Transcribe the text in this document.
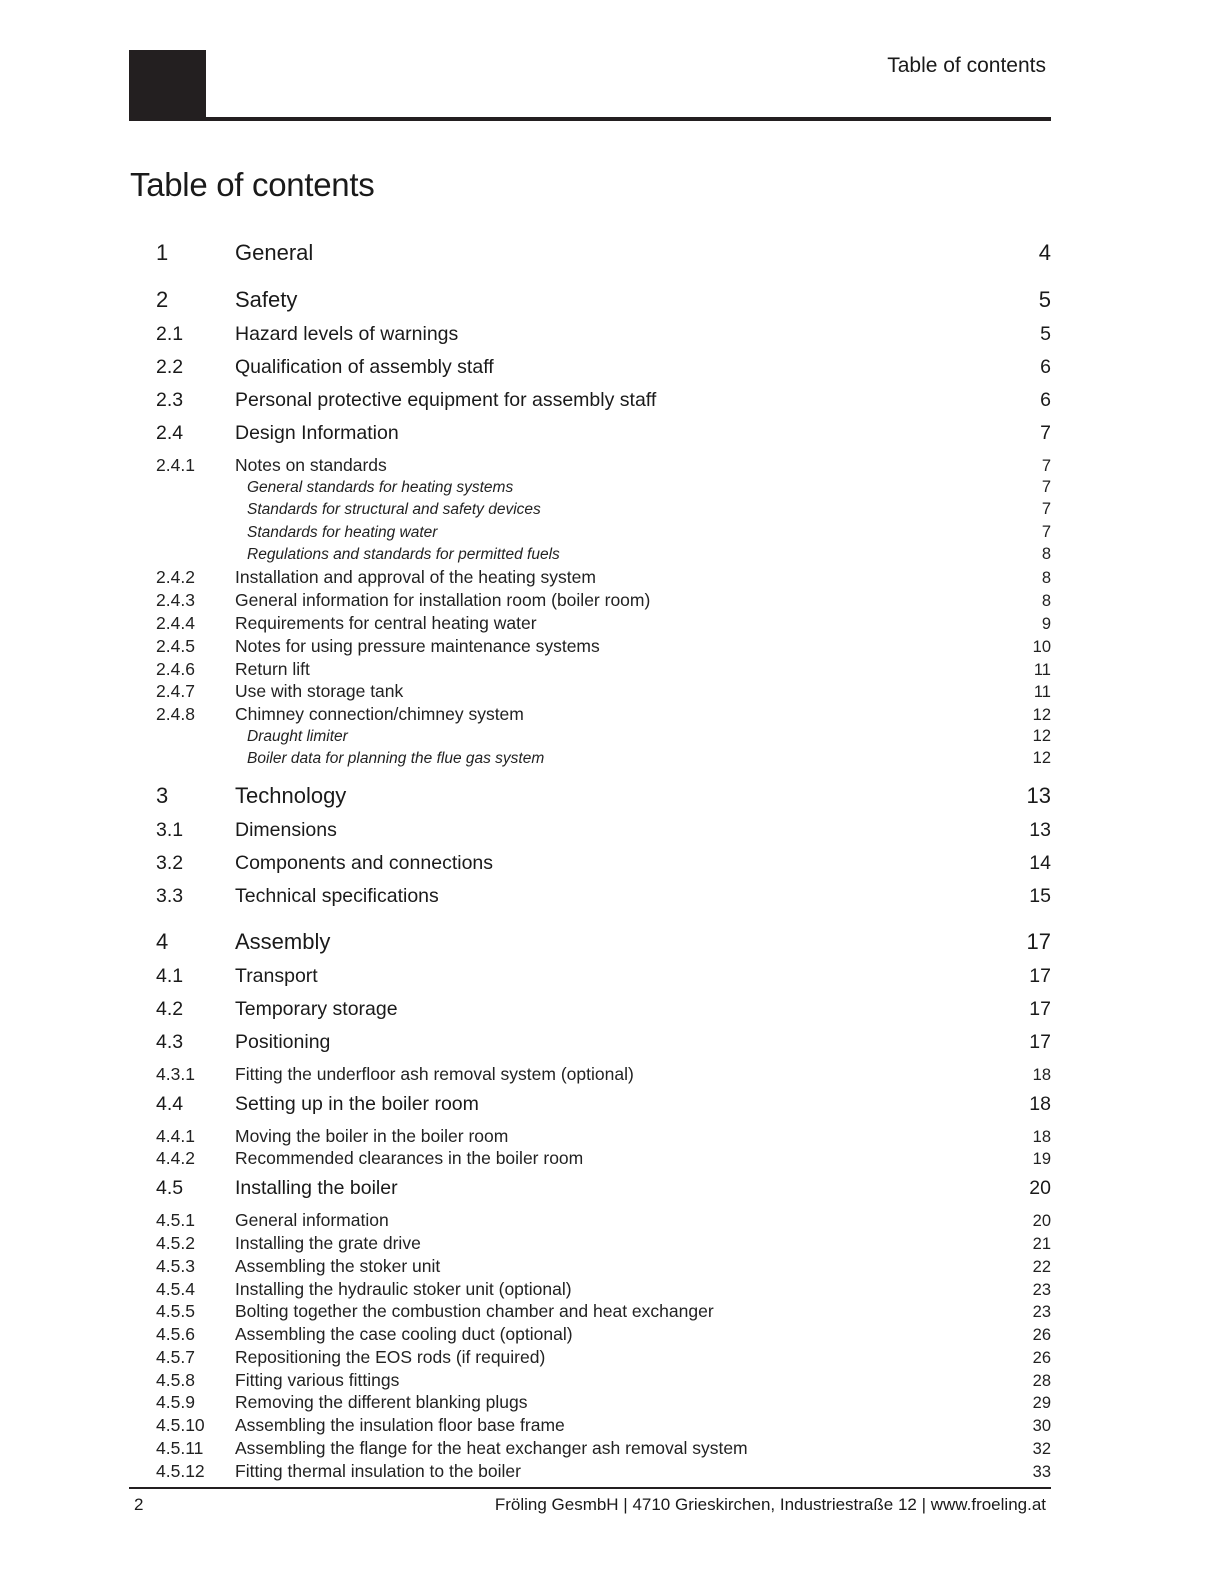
Table of contents
Table of contents
1	General	4
2	Safety	5
2.1	Hazard levels of warnings	5
2.2	Qualification of assembly staff	6
2.3	Personal protective equipment for assembly staff	6
2.4	Design Information	7
2.4.1	Notes on standards	7
General standards for heating systems	7
Standards for structural and safety devices	7
Standards for heating water	7
Regulations and standards for permitted fuels	8
2.4.2	Installation and approval of the heating system	8
2.4.3	General information for installation room (boiler room)	8
2.4.4	Requirements for central heating water	9
2.4.5	Notes for using pressure maintenance systems	10
2.4.6	Return lift	11
2.4.7	Use with storage tank	11
2.4.8	Chimney connection/chimney system	12
Draught limiter	12
Boiler data for planning the flue gas system	12
3	Technology	13
3.1	Dimensions	13
3.2	Components and connections	14
3.3	Technical specifications	15
4	Assembly	17
4.1	Transport	17
4.2	Temporary storage	17
4.3	Positioning	17
4.3.1	Fitting the underfloor ash removal system (optional)	18
4.4	Setting up in the boiler room	18
4.4.1	Moving the boiler in the boiler room	18
4.4.2	Recommended clearances in the boiler room	19
4.5	Installing the boiler	20
4.5.1	General information	20
4.5.2	Installing the grate drive	21
4.5.3	Assembling the stoker unit	22
4.5.4	Installing the hydraulic stoker unit (optional)	23
4.5.5	Bolting together the combustion chamber and heat exchanger	23
4.5.6	Assembling the case cooling duct (optional)	26
4.5.7	Repositioning the EOS rods (if required)	26
4.5.8	Fitting various fittings	28
4.5.9	Removing the different blanking plugs	29
4.5.10	Assembling the insulation floor base frame	30
4.5.11	Assembling the flange for the heat exchanger ash removal system	32
4.5.12	Fitting thermal insulation to the boiler	33
2	Fröling GesmbH | 4710 Grieskirchen, Industriestraße 12 | www.froeling.at
